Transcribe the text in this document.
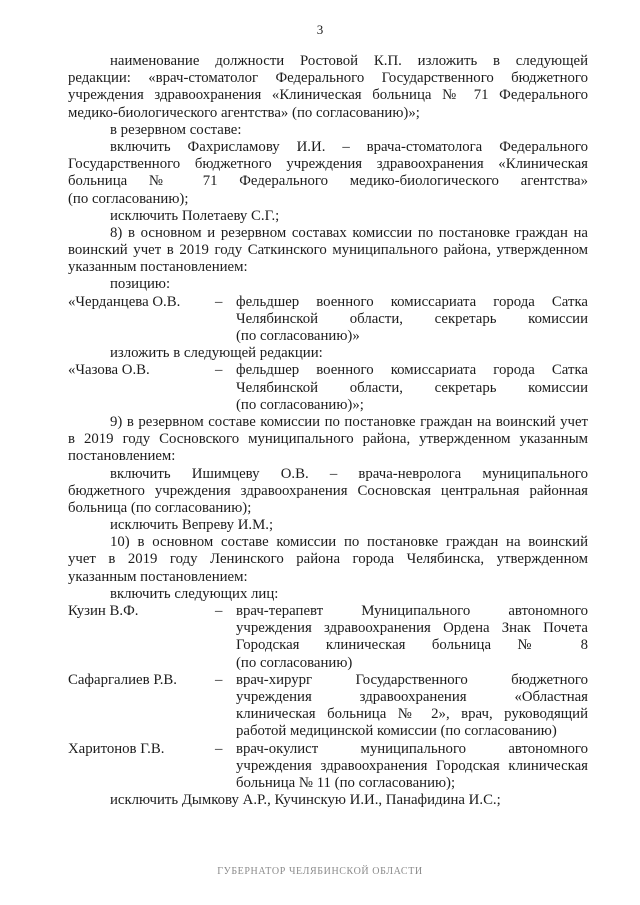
3
наименование должности Ростовой К.П. изложить в следующей
редакции: «врач-стоматолог Федерального Государственного бюджетного
учреждения здравоохранения «Клиническая больница № 71 Федерального
медико-биологического агентства» (по согласованию)»;
в резервном составе:
включить Фахрисламову И.И. – врача-стоматолога Федерального
Государственного бюджетного учреждения здравоохранения «Клиническая
больница № 71 Федерального медико-биологического агентства»
(по согласованию);
исключить Полетаеву С.Г.;
8) в основном и резервном составах комиссии по постановке граждан на
воинский учет в 2019 году Саткинского муниципального района, утвержденном
указанным постановлением:
позицию:
«Черданцева О.В.	– фельдшер военного комиссариата города Сатка
Челябинской области, секретарь комиссии
(по согласованию)»
изложить в следующей редакции:
«Чазова О.В.	– фельдшер военного комиссариата города Сатка
Челябинской области, секретарь комиссии
(по согласованию)»;
9) в резервном составе комиссии по постановке граждан на воинский учет
в 2019 году Сосновского муниципального района, утвержденном указанным
постановлением:
включить Ишимцеву О.В. – врача-невролога муниципального
бюджетного учреждения здравоохранения Сосновская центральная районная
больница (по согласованию);
исключить Вепреву И.М.;
10) в основном составе комиссии по постановке граждан на воинский
учет в 2019 году Ленинского района города Челябинска, утвержденном
указанным постановлением:
включить следующих лиц:
Кузин В.Ф.	– врач-терапевт Муниципального автономного
учреждения здравоохранения Ордена Знак Почета
Городская клиническая больница № 8
(по согласованию)
Сафаргалиев Р.В.	– врач-хирург Государственного бюджетного
учреждения здравоохранения «Областная
клиническая больница № 2», врач, руководящий
работой медицинской комиссии (по согласованию)
Харитонов Г.В.	– врач-окулист муниципального автономного
учреждения здравоохранения Городская клиническая
больница № 11 (по согласованию);
исключить Дымкову А.Р., Кучинскую И.И., Панафидина И.С.;
ГУБЕРНАТОР ЧЕЛЯБИНСКОЙ ОБЛАСТИ
